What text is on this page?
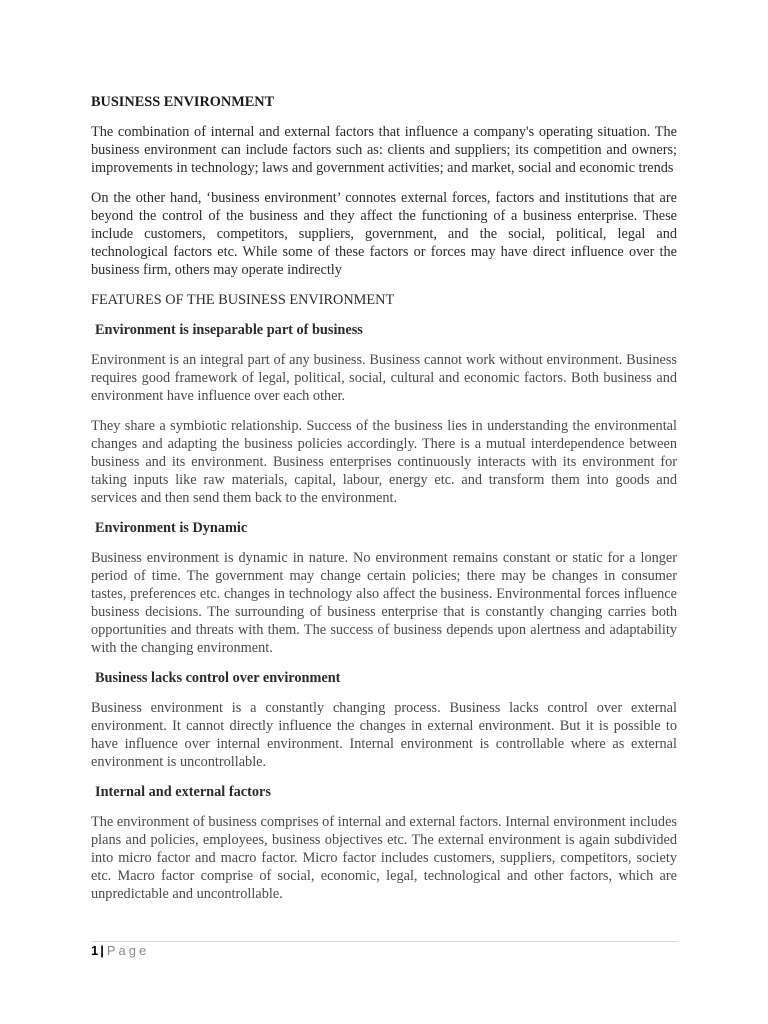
BUSINESS ENVIRONMENT

The combination of internal and external factors that influence a company's operating situation. The business environment can include factors such as: clients and suppliers; its competition and owners; improvements in technology; laws and government activities; and market, social and economic trends

On the other hand, ‘business environment’ connotes external forces, factors and institutions that are beyond the control of the business and they affect the functioning of a business enterprise. These include customers, competitors, suppliers, government, and the social, political, legal and technological factors etc. While some of these factors or forces may have direct influence over the business firm, others may operate indirectly

FEATURES OF THE BUSINESS ENVIRONMENT

Environment is inseparable part of business

Environment is an integral part of any business. Business cannot work without environment. Business requires good framework of legal, political, social, cultural and economic factors. Both business and environment have influence over each other.

They share a symbiotic relationship. Success of the business lies in understanding the environmental changes and adapting the business policies accordingly. There is a mutual interdependence between business and its environment. Business enterprises continuously interacts with its environment for taking inputs like raw materials, capital, labour, energy etc. and transform them into goods and services and then send them back to the environment.

Environment is Dynamic

Business environment is dynamic in nature. No environment remains constant or static for a longer period of time. The government may change certain policies; there may be changes in consumer tastes, preferences etc. changes in technology also affect the business. Environmental forces influence business decisions. The surrounding of business enterprise that is constantly changing carries both opportunities and threats with them. The success of business depends upon alertness and adaptability with the changing environment.

Business lacks control over environment

Business environment is a constantly changing process. Business lacks control over external environment. It cannot directly influence the changes in external environment. But it is possible to have influence over internal environment. Internal environment is controllable where as external environment is uncontrollable.

Internal and external factors

The environment of business comprises of internal and external factors. Internal environment includes plans and policies, employees, business objectives etc. The external environment is again subdivided into micro factor and macro factor. Micro factor includes customers, suppliers, competitors, society etc. Macro factor comprise of social, economic, legal, technological and other factors, which are unpredictable and uncontrollable.

1 | Page
